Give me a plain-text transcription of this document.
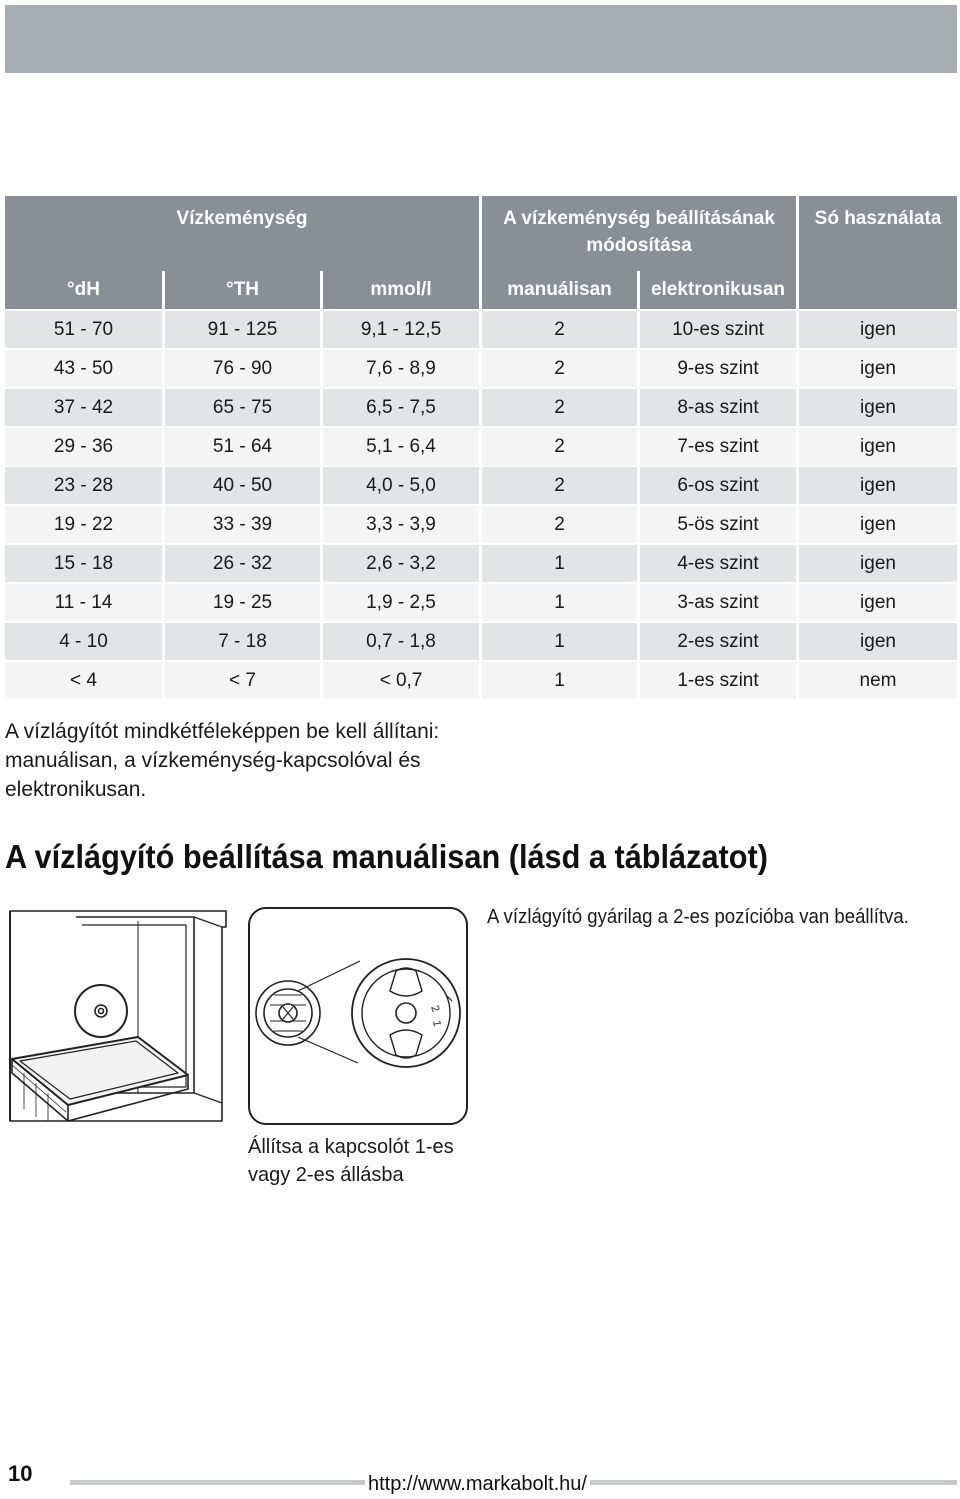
Vízkeménység			A vízkeménység beállításának módosítása		Só használata
°dH	°TH	mmol/l	manuálisan	elektronikusan	
51 - 70	91 - 125	9,1 - 12,5	2	10-es szint	igen
43 - 50	76 - 90	7,6 - 8,9	2	9-es szint	igen
37 - 42	65 - 75	6,5 - 7,5	2	8-as szint	igen
29 - 36	51 - 64	5,1 - 6,4	2	7-es szint	igen
23 - 28	40 - 50	4,0 - 5,0	2	6-os szint	igen
19 - 22	33 - 39	3,3 - 3,9	2	5-ös szint	igen
15 - 18	26 - 32	2,6 - 3,2	1	4-es szint	igen
11 - 14	19 - 25	1,9 - 2,5	1	3-as szint	igen
4 - 10	7 - 18	0,7 - 1,8	1	2-es szint	igen
< 4	< 7	< 0,7	1	1-es szint	nem
A vízlágyítót mindkétféleképpen be kell állítani: manuálisan, a vízkeménység-kapcsolóval és elektronikusan.
A vízlágyító beállítása manuálisan (lásd a táblázatot)
2
1
A vízlágyító gyárilag a 2-es pozícióba van beállítva.
Állítsa a kapcsolót 1-es vagy 2-es állásba
10	http://www.markabolt.hu/
